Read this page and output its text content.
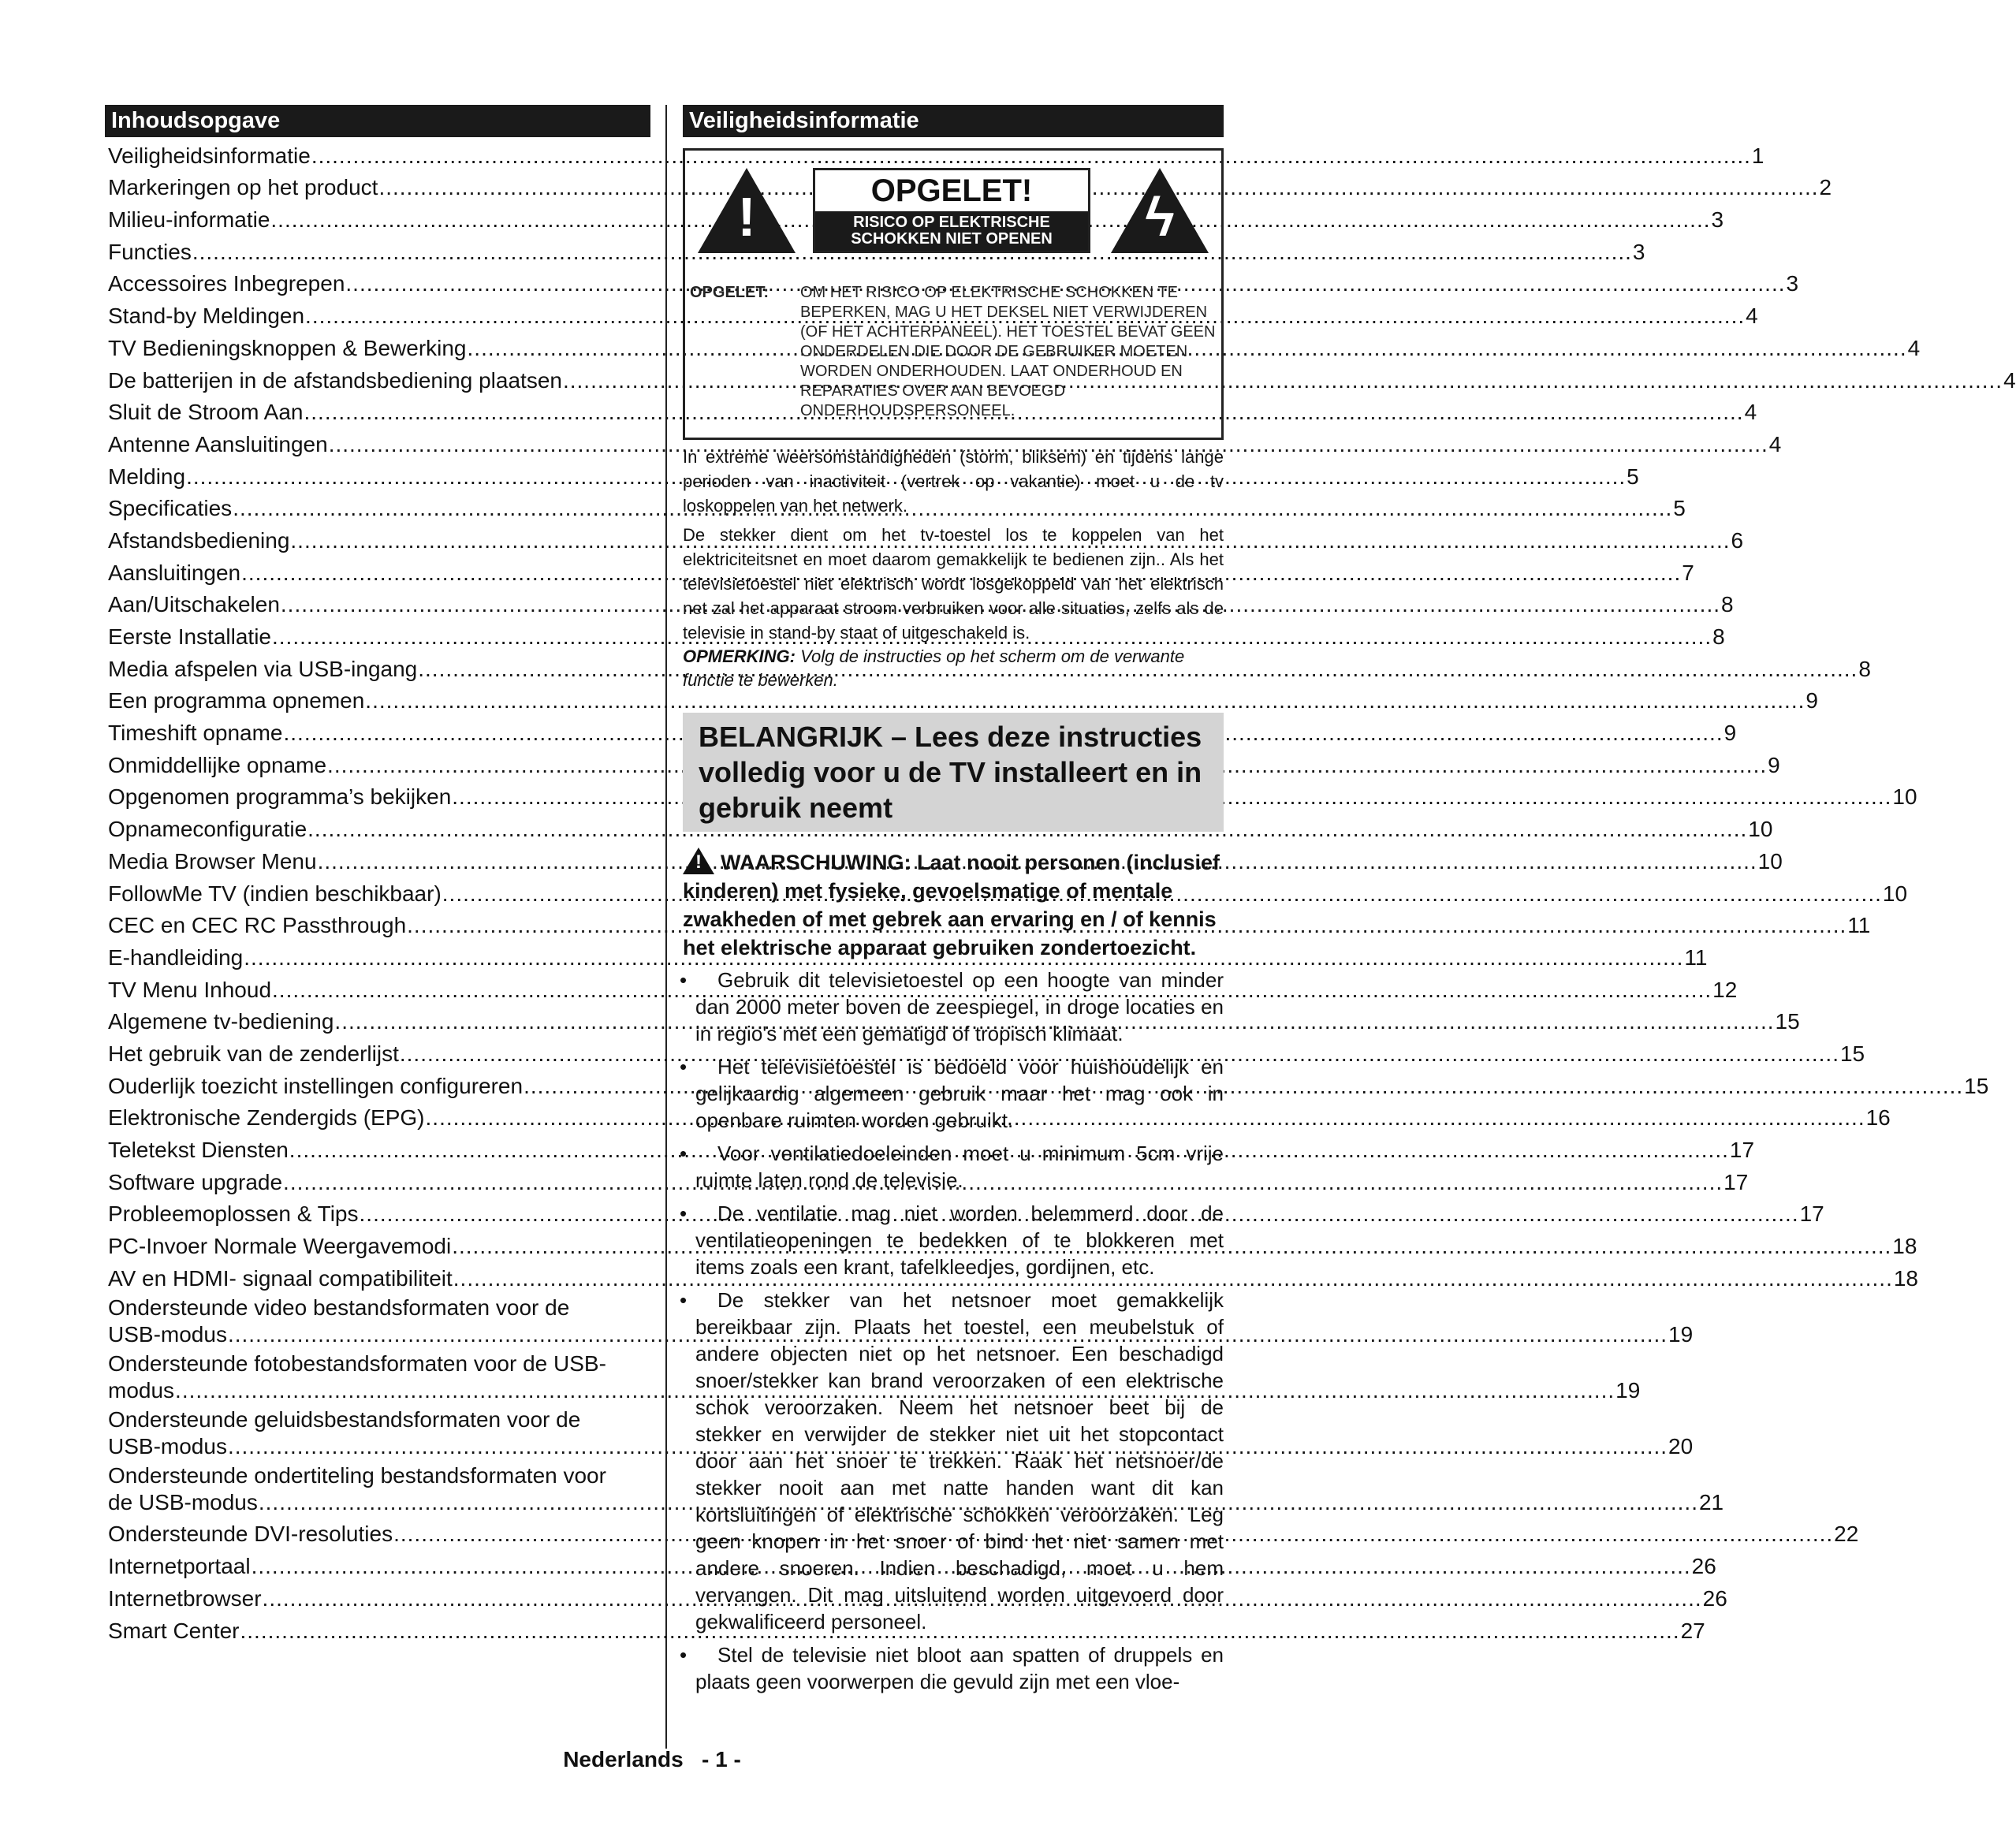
Inhoudsopgave
Veiligheidsinformatie .....	1
Markeringen op het product .....	2
Milieu-informatie .....	3
Functies .....	3
Accessoires Inbegrepen .....	3
Stand-by Meldingen .....	4
TV Bedieningsknoppen & Bewerking .....	4
De batterijen in de afstandsbediening plaatsen .....	4
Sluit de Stroom Aan .....	4
Antenne Aansluitingen .....	4
Melding .....	5
Specificaties .....	5
Afstandsbediening .....	6
Aansluitingen .....	7
Aan/Uitschakelen .....	8
Eerste Installatie .....	8
Media afspelen via USB-ingang .....	8
Een programma opnemen .....	9
Timeshift opname .....	9
Onmiddellijke opname .....	9
Opgenomen programma’s bekijken .....	10
Opnameconfiguratie .....	10
Media Browser Menu .....	10
FollowMe TV (indien beschikbaar) .....	10
CEC en CEC RC Passthrough .....	11
E-handleiding .....	11
TV Menu Inhoud .....	12
Algemene tv-bediening .....	15
Het gebruik van de zenderlijst .....	15
Ouderlijk toezicht instellingen configureren .....	15
Elektronische Zendergids (EPG) .....	16
Teletekst Diensten .....	17
Software upgrade .....	17
Probleemoplossen & Tips .....	17
PC-Invoer Normale Weergavemodi .....	18
AV en HDMI- signaal compatibiliteit .....	18
Ondersteunde video bestandsformaten voor de
USB-modus .....	19
Ondersteunde fotobestandsformaten voor de USB-
modus .....	19
Ondersteunde geluidsbestandsformaten voor de
USB-modus .....	20
Ondersteunde ondertiteling bestandsformaten voor
de USB-modus .....	21
Ondersteunde DVI-resoluties .....	22
Internetportaal .....	26
Internetbrowser .....	26
Smart Center .....	27
Veiligheidsinformatie
!	OPGELET!
RISICO OP ELEKTRISCHE SCHOKKEN NIET OPENEN	ϟ
OPGELET: OM HET RISICO OP ELEKTRISCHE SCHOKKEN TE BEPERKEN, MAG U HET DEKSEL NIET VERWIJDEREN (OF HET ACHTERPANEEL). HET TOESTEL BEVAT GEEN ONDERDELEN DIE DOOR DE GEBRUIKER MOETEN WORDEN ONDERHOUDEN. LAAT ONDERHOUD EN REPARATIES OVER AAN BEVOEGD ONDERHOUDSPERSONEEL.

In extreme weersomstandigheden (storm, bliksem) en tijdens lange perioden van inactiviteit (vertrek op vakantie) moet u de tv loskoppelen van het netwerk.

De stekker dient om het tv-toestel los te koppelen van het elektriciteitsnet en moet daarom gemakkelijk te bedienen zijn.. Als het televisietoestel niet elektrisch wordt losgekoppeld van het elektrisch net zal het apparaat stroom verbruiken voor alle situaties, zelfs als de televisie in stand-by staat of uitgeschakeld is.

OPMERKING: Volg de instructies op het scherm om de verwante functie te bewerken.

BELANGRIJK – Lees deze instructies volledig voor u de TV installeert en in gebruik neemt
! WAARSCHUWING: Laat nooit personen (inclusief kinderen) met fysieke, gevoelsmatige of mentale zwakheden of met gebrek aan ervaring en / of kennis het elektrische apparaat gebruiken zondertoezicht.
• Gebruik dit televisietoestel op een hoogte van minder dan 2000 meter boven de zeespiegel, in droge locaties en in regio's met een gematigd of tropisch klimaat.
• Het televisietoestel is bedoeld voor huishoudelijk en gelijkaardig algemeen gebruik maar het mag ook in openbare ruimten worden gebruikt.
• Voor ventilatiedoeleinden moet u minimum 5cm vrije ruimte laten rond de televisie.
• De ventilatie mag niet worden belemmerd door de ventilatieopeningen te bedekken of te blokkeren met items zoals een krant, tafelkleedjes, gordijnen, etc.
• De stekker van het netsnoer moet gemakkelijk bereikbaar zijn. Plaats het toestel, een meubelstuk of andere objecten niet op het netsnoer. Een beschadigd snoer/stekker kan brand veroorzaken of een elektrische schok veroorzaken. Neem het netsnoer beet bij de stekker en verwijder de stekker niet uit het stopcontact door aan het snoer te trekken. Raak het netsnoer/de stekker nooit aan met natte handen want dit kan kortsluitingen of elektrische schokken veroorzaken. Leg geen knopen in het snoer of bind het niet samen met andere snoeren. Indien beschadigd, moet u hem vervangen. Dit mag uitsluitend worden uitgevoerd door gekwalificeerd personeel.
• Stel de televisie niet bloot aan spatten of druppels en plaats geen voorwerpen die gevuld zijn met een vloe-
Nederlands - 1 -
